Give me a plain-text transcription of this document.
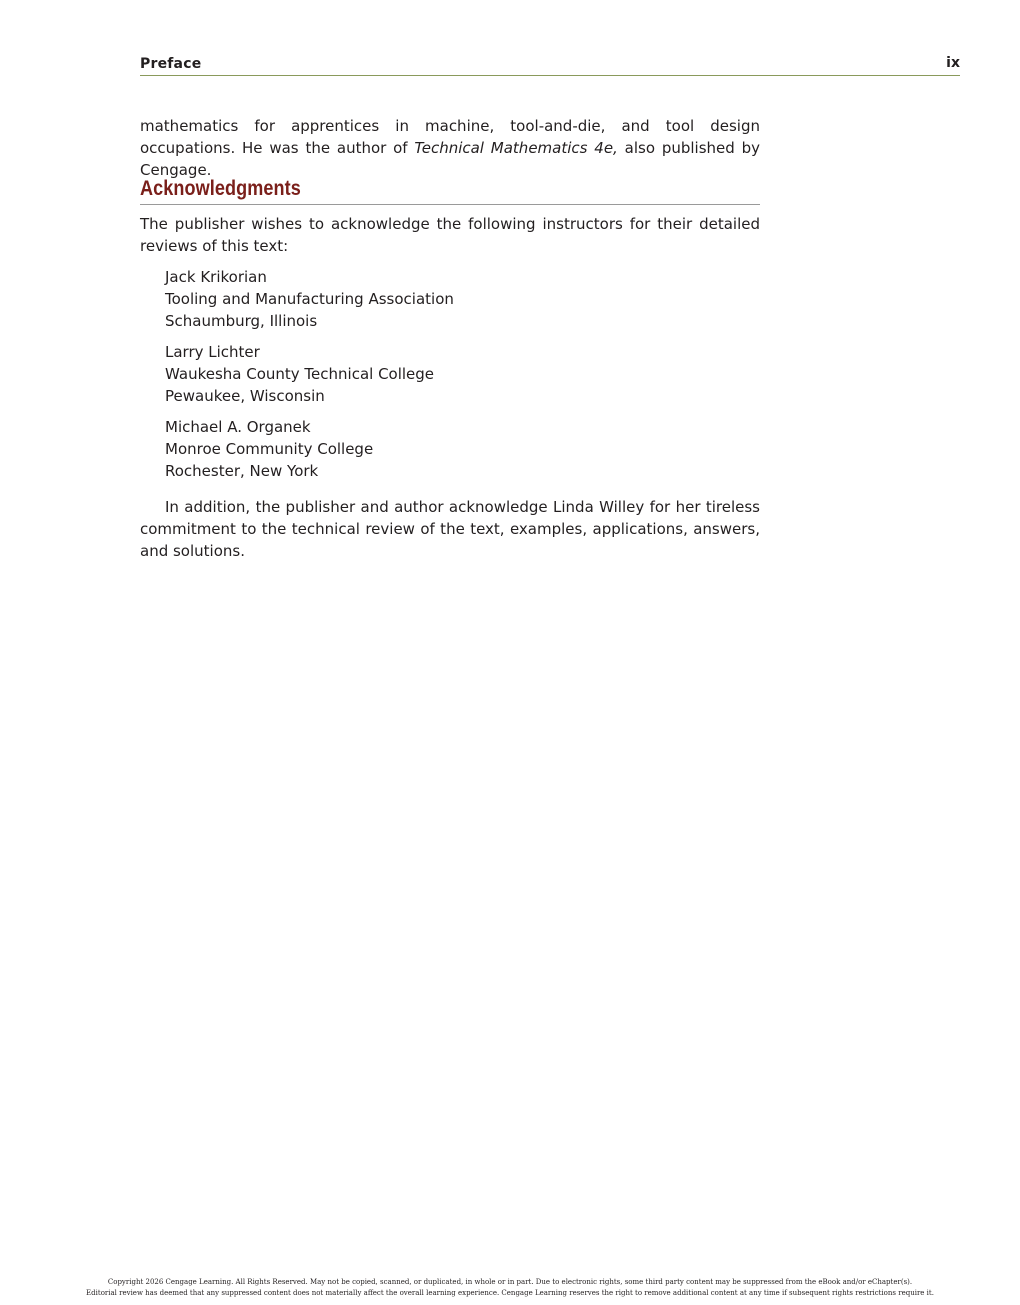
Preface	ix

mathematics for apprentices in machine, tool-and-die, and tool design occupations. He was the author of Technical Mathematics 4e, also published by Cengage.

Acknowledgments

The publisher wishes to acknowledge the following instructors for their detailed reviews of this text:

Jack Krikorian
Tooling and Manufacturing Association
Schaumburg, Illinois
Larry Lichter
Waukesha County Technical College
Pewaukee, Wisconsin
Michael A. Organek
Monroe Community College
Rochester, New York

In addition, the publisher and author acknowledge Linda Willey for her tireless commitment to the technical review of the text, examples, applications, answers, and solutions.

Copyright 2026 Cengage Learning. All Rights Reserved. May not be copied, scanned, or duplicated, in whole or in part. Due to electronic rights, some third party content may be suppressed from the eBook and/or eChapter(s).
Editorial review has deemed that any suppressed content does not materially affect the overall learning experience. Cengage Learning reserves the right to remove additional content at any time if subsequent rights restrictions require it.
